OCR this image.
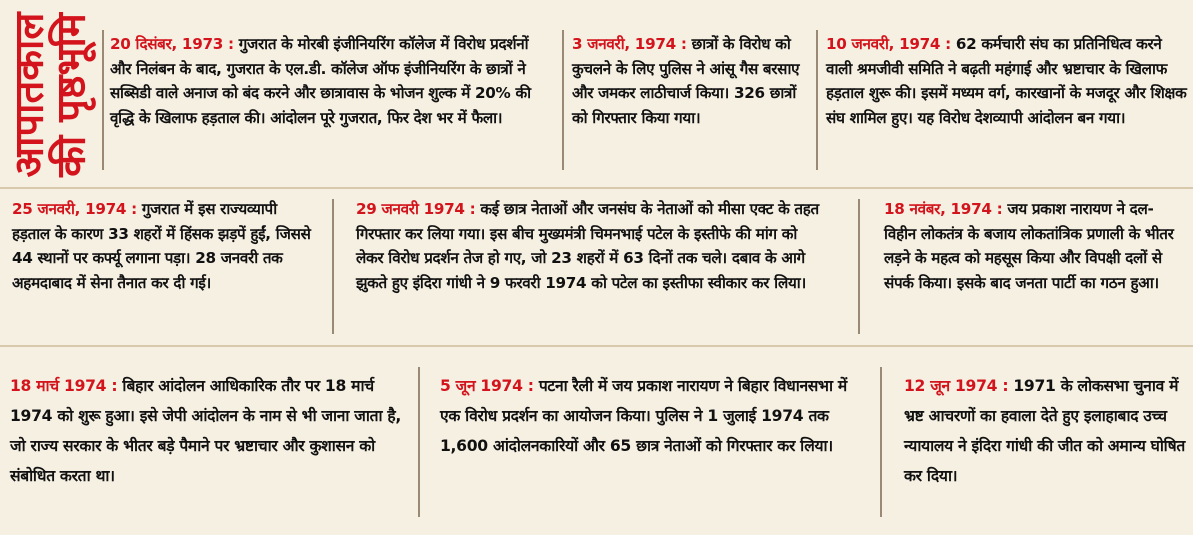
आपातकाल
की पृष्ठभूमि 20 दिसंबर, 1973 : गुजरात के मोरबी इंजीनियरिंग कॉलेज में विरोध प्रदर्शनों और निलंबन के बाद, गुजरात के एल.डी. कॉलेज ऑफ इंजीनियरिंग के छात्रों ने सब्सिडी वाले अनाज को बंद करने और छात्रावास के भोजन शुल्क में 20% की वृद्धि के खिलाफ हड़ताल की। आंदोलन पूरे गुजरात, फिर देश भर में फैला।
3 जनवरी, 1974 : छात्रों के विरोध को कुचलने के लिए पुलिस ने आंसू गैस बरसाए और जमकर लाठीचार्ज किया। 326 छात्रों को गिरफ्तार किया गया।
10 जनवरी, 1974 : 62 कर्मचारी संघ का प्रतिनिधित्व करने वाली श्रमजीवी समिति ने बढ़ती महंगाई और भ्रष्टाचार के खिलाफ हड़ताल शुरू की। इसमें मध्यम वर्ग, कारखानों के मजदूर और शिक्षक संघ शामिल हुए। यह विरोध देशव्यापी आंदोलन बन गया।
25 जनवरी, 1974 : गुजरात में इस राज्यव्यापी हड़ताल के कारण 33 शहरों में हिंसक झड़पें हुईं, जिससे 44 स्थानों पर कर्फ्यू लगाना पड़ा। 28 जनवरी तक अहमदाबाद में सेना तैनात कर दी गई।
29 जनवरी 1974 : कई छात्र नेताओं और जनसंघ के नेताओं को मीसा एक्ट के तहत गिरफ्तार कर लिया गया। इस बीच मुख्यमंत्री चिमनभाई पटेल के इस्तीफे की मांग को लेकर विरोध प्रदर्शन तेज हो गए, जो 23 शहरों में 63 दिनों तक चले। दबाव के आगे झुकते हुए इंदिरा गांधी ने 9 फरवरी 1974 को पटेल का इस्तीफा स्वीकार कर लिया।
18 नवंबर, 1974 : जय प्रकाश नारायण ने दल-विहीन लोकतंत्र के बजाय लोकतांत्रिक प्रणाली के भीतर लड़ने के महत्व को महसूस किया और विपक्षी दलों से संपर्क किया। इसके बाद जनता पार्टी का गठन हुआ।
18 मार्च 1974 : बिहार आंदोलन आधिकारिक तौर पर 18 मार्च 1974 को शुरू हुआ। इसे जेपी आंदोलन के नाम से भी जाना जाता है, जो राज्य सरकार के भीतर बड़े पैमाने पर भ्रष्टाचार और कुशासन को संबोधित करता था।
5 जून 1974 : पटना रैली में जय प्रकाश नारायण ने बिहार विधानसभा में एक विरोध प्रदर्शन का आयोजन किया। पुलिस ने 1 जुलाई 1974 तक 1,600 आंदोलनकारियों और 65 छात्र नेताओं को गिरफ्तार कर लिया।
12 जून 1974 : 1971 के लोकसभा चुनाव में भ्रष्ट आचरणों का हवाला देते हुए इलाहाबाद उच्च न्यायालय ने इंदिरा गांधी की जीत को अमान्य घोषित कर दिया।
